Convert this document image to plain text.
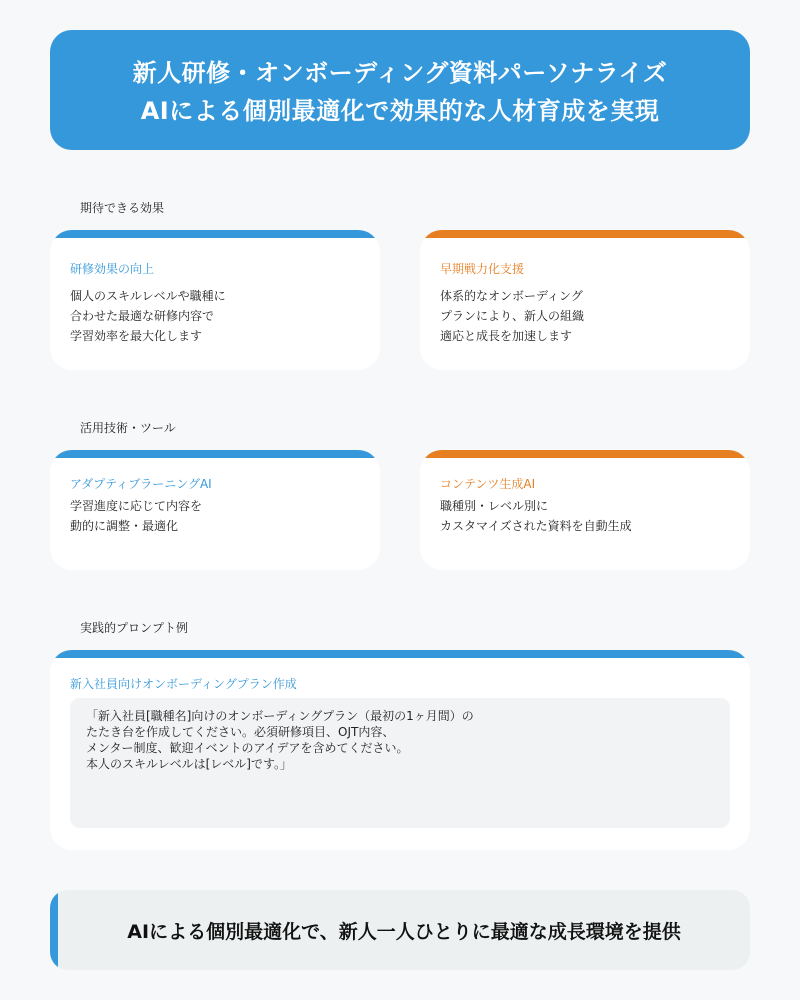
新人研修・オンボーディング資料パーソナライズ
AIによる個別最適化で効果的な人材育成を実現
期待できる効果
研修効果の向上
個人のスキルレベルや職種に
合わせた最適な研修内容で
学習効率を最大化します
早期戦力化支援
体系的なオンボーディング
プランにより、新人の組織
適応と成長を加速します
活用技術・ツール
アダプティブラーニングAI
学習進度に応じて内容を
動的に調整・最適化
コンテンツ生成AI
職種別・レベル別に
カスタマイズされた資料を自動生成
実践的プロンプト例
新入社員向けオンボーディングプラン作成
「新入社員[職種名]向けのオンボーディングプラン（最初の1ヶ月間）の
たたき台を作成してください。必須研修項目、OJT内容、
メンター制度、歓迎イベントのアイデアを含めてください。
本人のスキルレベルは[レベル]です。」
AIによる個別最適化で、新人一人ひとりに最適な成長環境を提供
